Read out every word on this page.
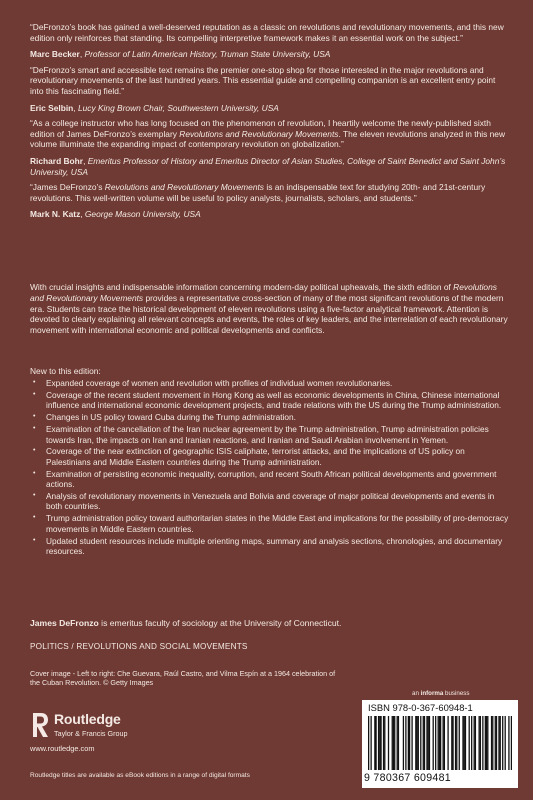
“DeFronzo’s book has gained a well-deserved reputation as a classic on revolutions and revolutionary movements, and this new edition only reinforces that standing. Its compelling interpretive framework makes it an essential work on the subject.”

Marc Becker, Professor of Latin American History, Truman State University, USA

“DeFronzo’s smart and accessible text remains the premier one-stop shop for those interested in the major revolutions and revolutionary movements of the last hundred years. This essential guide and compelling companion is an excellent entry point into this fascinating field.”

Eric Selbin, Lucy King Brown Chair, Southwestern University, USA

“As a college instructor who has long focused on the phenomenon of revolution, I heartily welcome the newly-published sixth edition of James DeFronzo’s exemplary Revolutions and Revolutionary Movements. The eleven revolutions analyzed in this new volume illuminate the expanding impact of contemporary revolution on globalization.”

Richard Bohr, Emeritus Professor of History and Emeritus Director of Asian Studies, College of Saint Benedict and Saint John’s University, USA

“James DeFronzo’s Revolutions and Revolutionary Movements is an indispensable text for studying 20th- and 21st-century revolutions. This well-written volume will be useful to policy analysts, journalists, scholars, and students.”

Mark N. Katz, George Mason University, USA

With crucial insights and indispensable information concerning modern-day political upheavals, the sixth edition of Revolutions and Revolutionary Movements provides a representative cross-section of many of the most significant revolutions of the modern era. Students can trace the historical development of eleven revolutions using a five-factor analytical framework. Attention is devoted to clearly explaining all relevant concepts and events, the roles of key leaders, and the interrelation of each revolutionary movement with international economic and political developments and conflicts.

New to this edition:
• Expanded coverage of women and revolution with profiles of individual women revolutionaries.
• Coverage of the recent student movement in Hong Kong as well as economic developments in China, Chinese international influence and international economic development projects, and trade relations with the US during the Trump administration.
• Changes in US policy toward Cuba during the Trump administration.
• Examination of the cancellation of the Iran nuclear agreement by the Trump administration, Trump administration policies towards Iran, the impacts on Iran and Iranian reactions, and Iranian and Saudi Arabian involvement in Yemen.
• Coverage of the near extinction of geographic ISIS caliphate, terrorist attacks, and the implications of US policy on Palestinians and Middle Eastern countries during the Trump administration.
• Examination of persisting economic inequality, corruption, and recent South African political developments and government actions.
• Analysis of revolutionary movements in Venezuela and Bolivia and coverage of major political developments and events in both countries.
• Trump administration policy toward authoritarian states in the Middle East and implications for the possibility of pro-democracy movements in Middle Eastern countries.
• Updated student resources include multiple orienting maps, summary and analysis sections, chronologies, and documentary resources.
James DeFronzo is emeritus faculty of sociology at the University of Connecticut.
POLITICS / REVOLUTIONS AND SOCIAL MOVEMENTS
Cover image - Left to right: Che Guevara, Raúl Castro, and Vilma Espín at a 1964 celebration of the Cuban Revolution. © Getty Images
Routledge
Taylor & Francis Group
www.routledge.com
Routledge titles are available as eBook editions in a range of digital formats
an informa business
ISBN 978-0-367-60948-1
9 780367 609481
